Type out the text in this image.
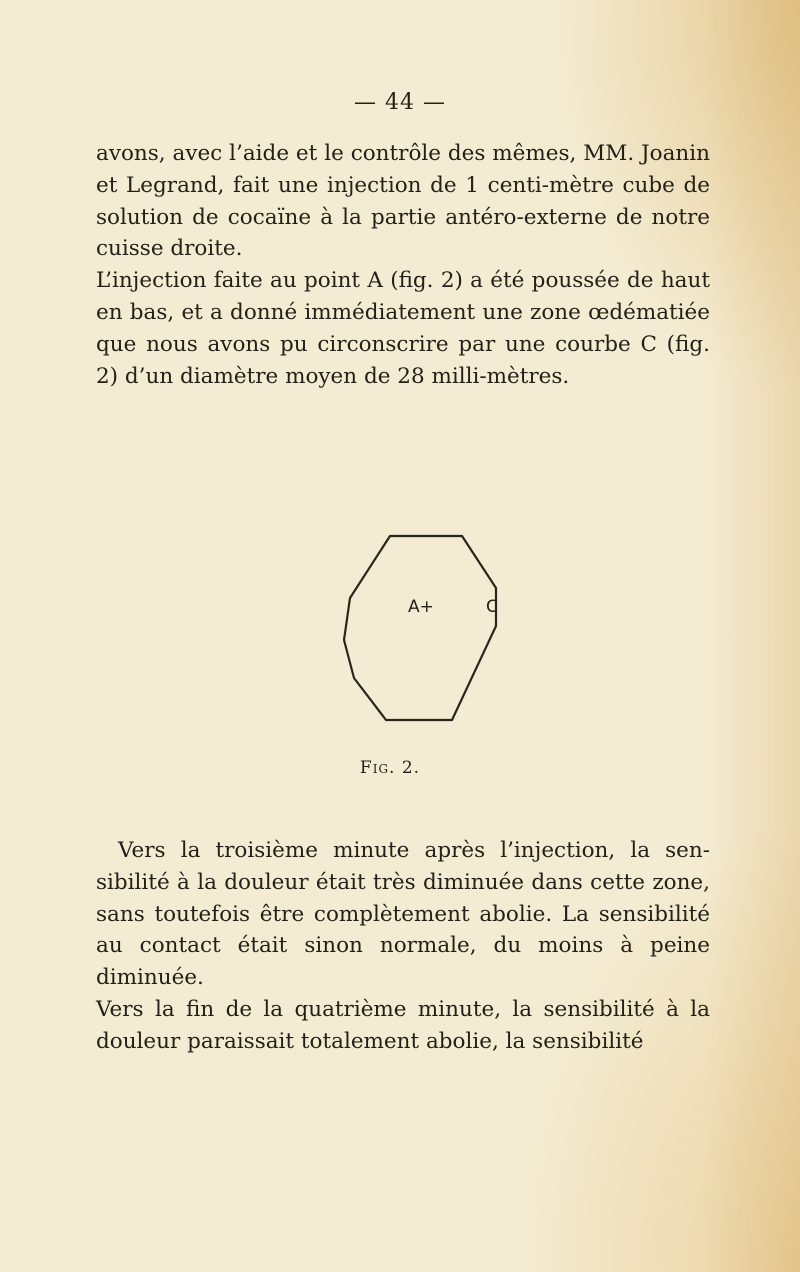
— 44 —

avons, avec l’aide et le contrôle des mêmes, MM. Joanin et Legrand, fait une injection de 1 centi-mètre cube de solution de cocaïne à la partie antéro-externe de notre cuisse droite.

L’injection faite au point A (fig. 2) a été poussée de haut en bas, et a donné immédiatement une zone œdématiée que nous avons pu circonscrire par une courbe C (fig. 2) d’un diamètre moyen de 28 milli-mètres.

A+	C
Fig. 2.

Vers la troisième minute après l’injection, la sen-sibilité à la douleur était très diminuée dans cette zone, sans toutefois être complètement abolie. La sensibilité au contact était sinon normale, du moins à peine diminuée.

Vers la fin de la quatrième minute, la sensibilité à la douleur paraissait totalement abolie, la sensibilité
